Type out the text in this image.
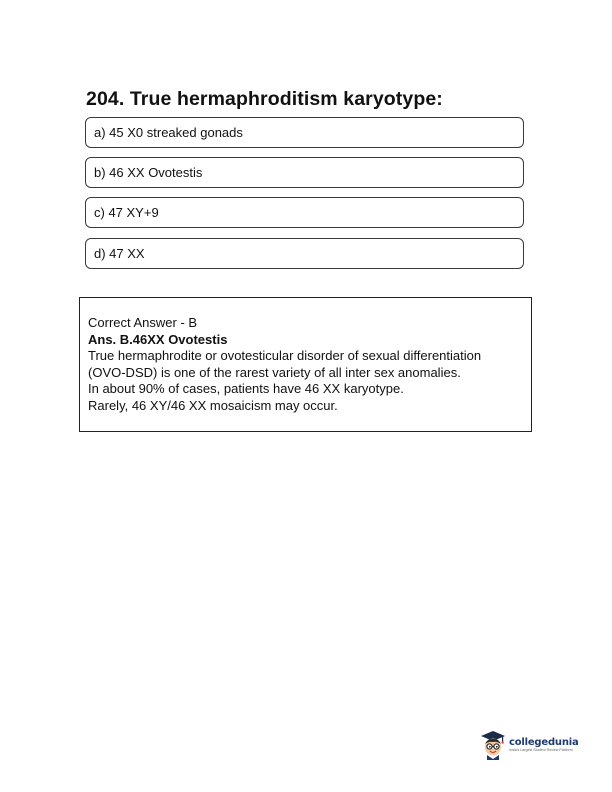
204. True hermaphroditism karyotype:
a) 45 X0 streaked gonads
b) 46 XX Ovotestis
c) 47 XY+9
d) 47 XX
Correct Answer - B
Ans. B.46XX Ovotestis
True hermaphrodite or ovotesticular disorder of sexual differentiation
(OVO-DSD) is one of the rarest variety of all inter sex anomalies.
In about 90% of cases, patients have 46 XX karyotype.
Rarely, 46 XY/46 XX mosaicism may occur.
collegedunia
India's Largest Student Review Platform
